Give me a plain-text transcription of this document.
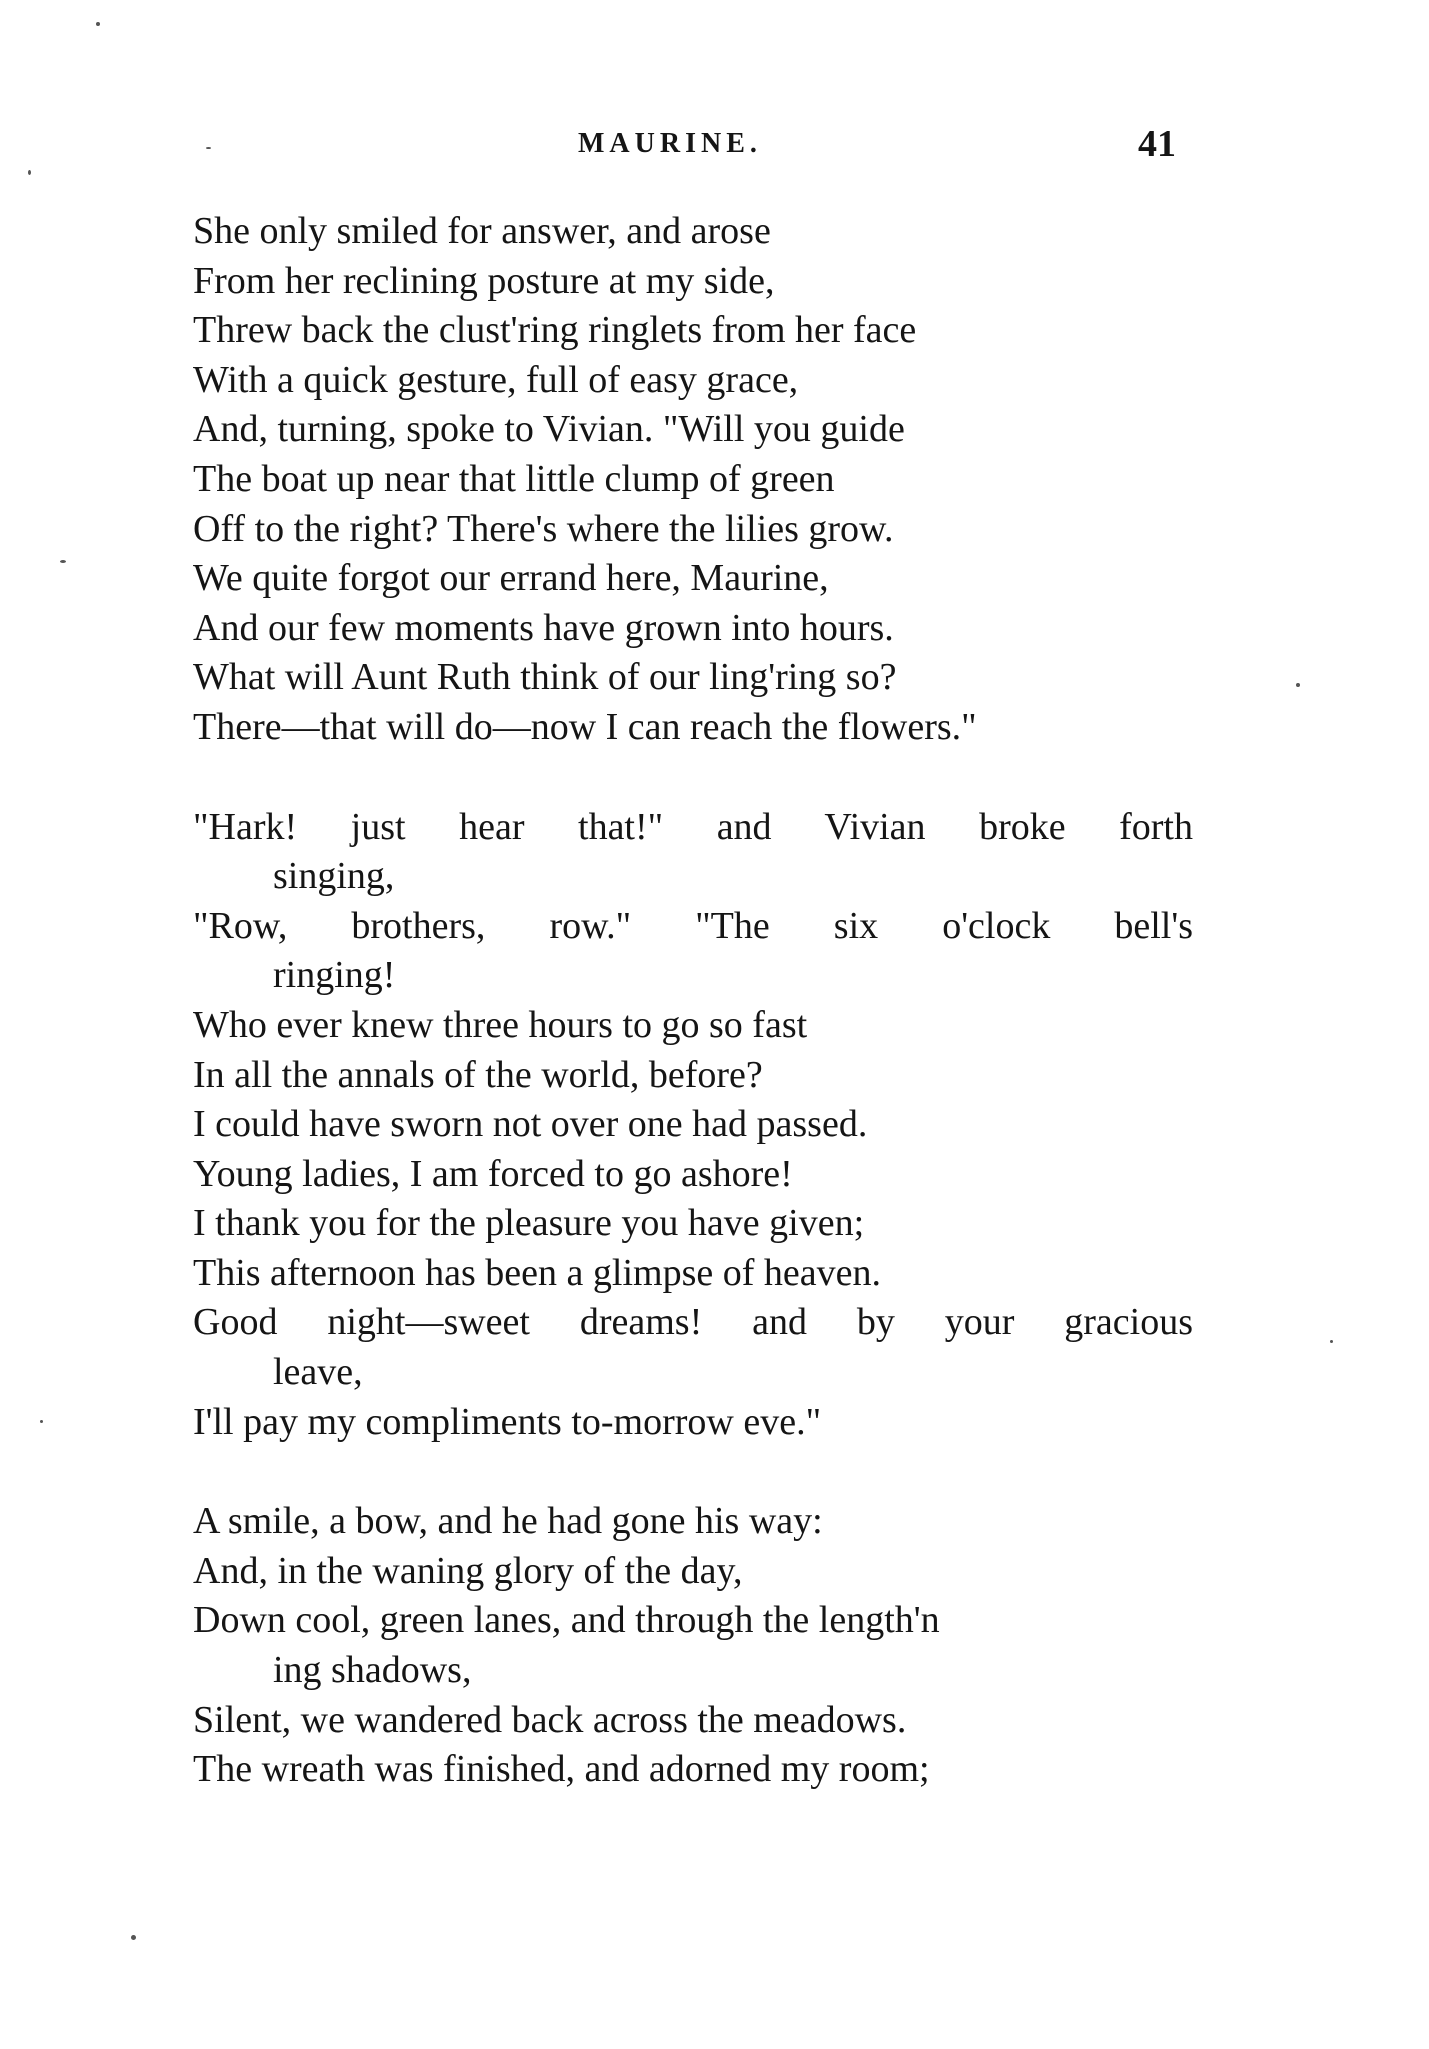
MAURINE.	41
She only smiled for answer, and arose
From her reclining posture at my side,
Threw back the clust'ring ringlets from her face
With a quick gesture, full of easy grace,
And, turning, spoke to Vivian. "Will you guide
The boat up near that little clump of green
Off to the right? There's where the lilies grow.
We quite forgot our errand here, Maurine,
And our few moments have grown into hours.
What will Aunt Ruth think of our ling'ring so?
There—that will do—now I can reach the flowers."
"Hark! just hear that!" and Vivian broke forth
singing,
"Row, brothers, row." "The six o'clock bell's
ringing!
Who ever knew three hours to go so fast
In all the annals of the world, before?
I could have sworn not over one had passed.
Young ladies, I am forced to go ashore!
I thank you for the pleasure you have given;
This afternoon has been a glimpse of heaven.
Good night—sweet dreams! and by your gracious
leave,
I'll pay my compliments to-morrow eve."
A smile, a bow, and he had gone his way:
And, in the waning glory of the day,
Down cool, green lanes, and through the length'n
ing shadows,
Silent, we wandered back across the meadows.
The wreath was finished, and adorned my room;
